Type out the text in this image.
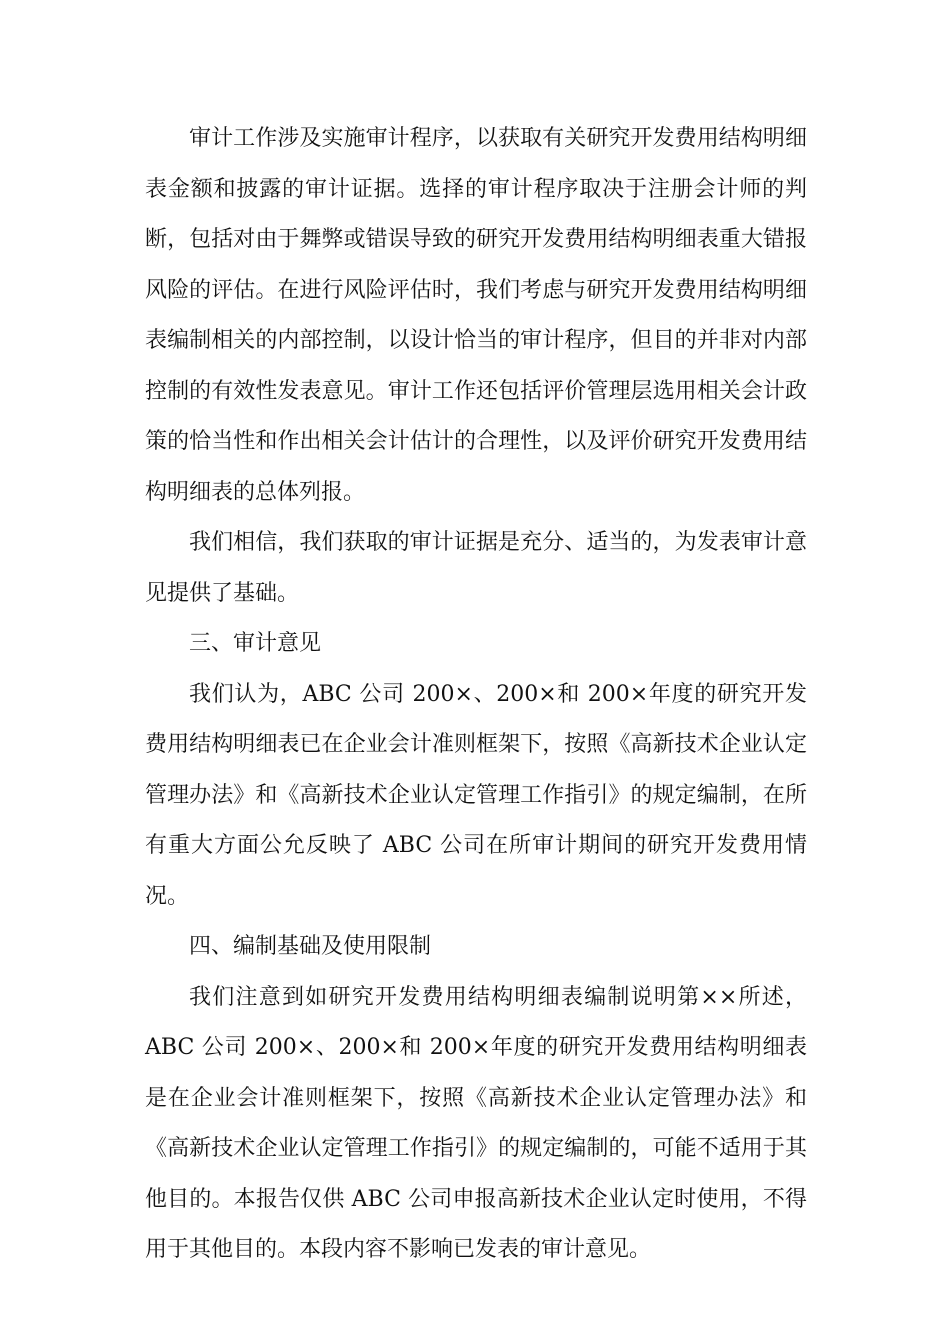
审计工作涉及实施审计程序，以获取有关研究开发费用结构明细表金额和披露的审计证据。选择的审计程序取决于注册会计师的判断，包括对由于舞弊或错误导致的研究开发费用结构明细表重大错报风险的评估。在进行风险评估时，我们考虑与研究开发费用结构明细表编制相关的内部控制，以设计恰当的审计程序，但目的并非对内部控制的有效性发表意见。审计工作还包括评价管理层选用相关会计政策的恰当性和作出相关会计估计的合理性，以及评价研究开发费用结构明细表的总体列报。

我们相信，我们获取的审计证据是充分、适当的，为发表审计意见提供了基础。

三、审计意见

我们认为，ABC 公司 200×、200×和 200×年度的研究开发费用结构明细表已在企业会计准则框架下，按照《高新技术企业认定管理办法》和《高新技术企业认定管理工作指引》的规定编制，在所有重大方面公允反映了 ABC 公司在所审计期间的研究开发费用情况。

四、编制基础及使用限制

我们注意到如研究开发费用结构明细表编制说明第××所述，ABC 公司 200×、200×和 200×年度的研究开发费用结构明细表是在企业会计准则框架下，按照《高新技术企业认定管理办法》和《高新技术企业认定管理工作指引》的规定编制的，可能不适用于其他目的。本报告仅供 ABC 公司申报高新技术企业认定时使用，不得用于其他目的。本段内容不影响已发表的审计意见。
